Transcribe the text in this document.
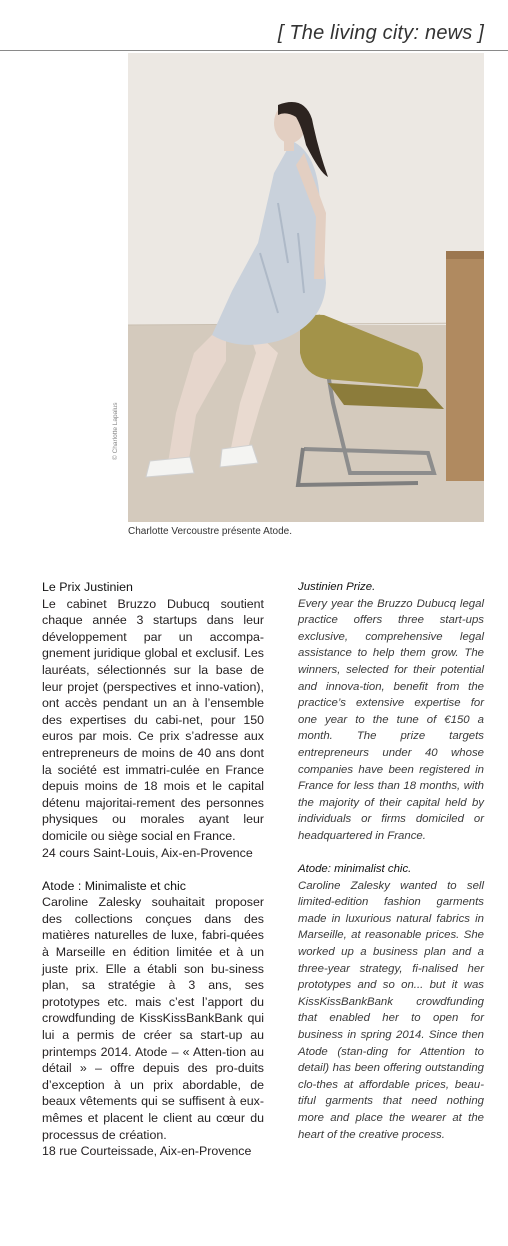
[ The living city: news ]
© Charlotte Lapalus
Charlotte Vercoustre présente Atode.
Le Prix Justinien

Le cabinet Bruzzo Dubucq soutient chaque année 3 startups dans leur développement par un accompa-gnement juridique global et exclusif. Les lauréats, sélectionnés sur la base de leur projet (perspectives et inno-vation), ont accès pendant un an à l’ensemble des expertises du cabi-net, pour 150 euros par mois. Ce prix s’adresse aux entrepreneurs de moins de 40 ans dont la société est immatri-culée en France depuis moins de 18 mois et le capital détenu majoritai-rement des personnes physiques ou morales ayant leur domicile ou siège social en France.

24 cours Saint-Louis, Aix-en-Provence
Atode : Minimaliste et chic

Caroline Zalesky souhaitait proposer des collections conçues dans des matières naturelles de luxe, fabri-quées à Marseille en édition limitée et à un juste prix. Elle a établi son bu-siness plan, sa stratégie à 3 ans, ses prototypes etc. mais c’est l’apport du crowdfunding de KissKissBankBank qui lui a permis de créer sa start-up au printemps 2014. Atode – « Atten-tion au détail » – offre depuis des pro-duits d’exception à un prix abordable, de beaux vêtements qui se suffisent à eux-mêmes et placent le client au cœur du processus de création.

18 rue Courteissade, Aix-en-Provence
Justinien Prize.

Every year the Bruzzo Dubucq legal practice offers three start-ups exclusive, comprehensive legal assistance to help them grow. The winners, selected for their potential and innova-tion, benefit from the practice’s extensive expertise for one year to the tune of €150 a month. The prize targets entrepreneurs under 40 whose companies have been registered in France for less than 18 months, with the majority of their capital held by individuals or firms domiciled or headquartered in France.

Atode: minimalist chic.

Caroline Zalesky wanted to sell limited-edition fashion garments made in luxurious natural fabrics in Marseille, at reasonable prices. She worked up a business plan and a three-year strategy, fi-nalised her prototypes and so on... but it was KissKissBankBank crowdfunding that enabled her to open for business in spring 2014. Since then Atode (stan-ding for Attention to detail) has been offering outstanding clo-thes at affordable prices, beau-tiful garments that need nothing more and place the wearer at the heart of the creative process.
